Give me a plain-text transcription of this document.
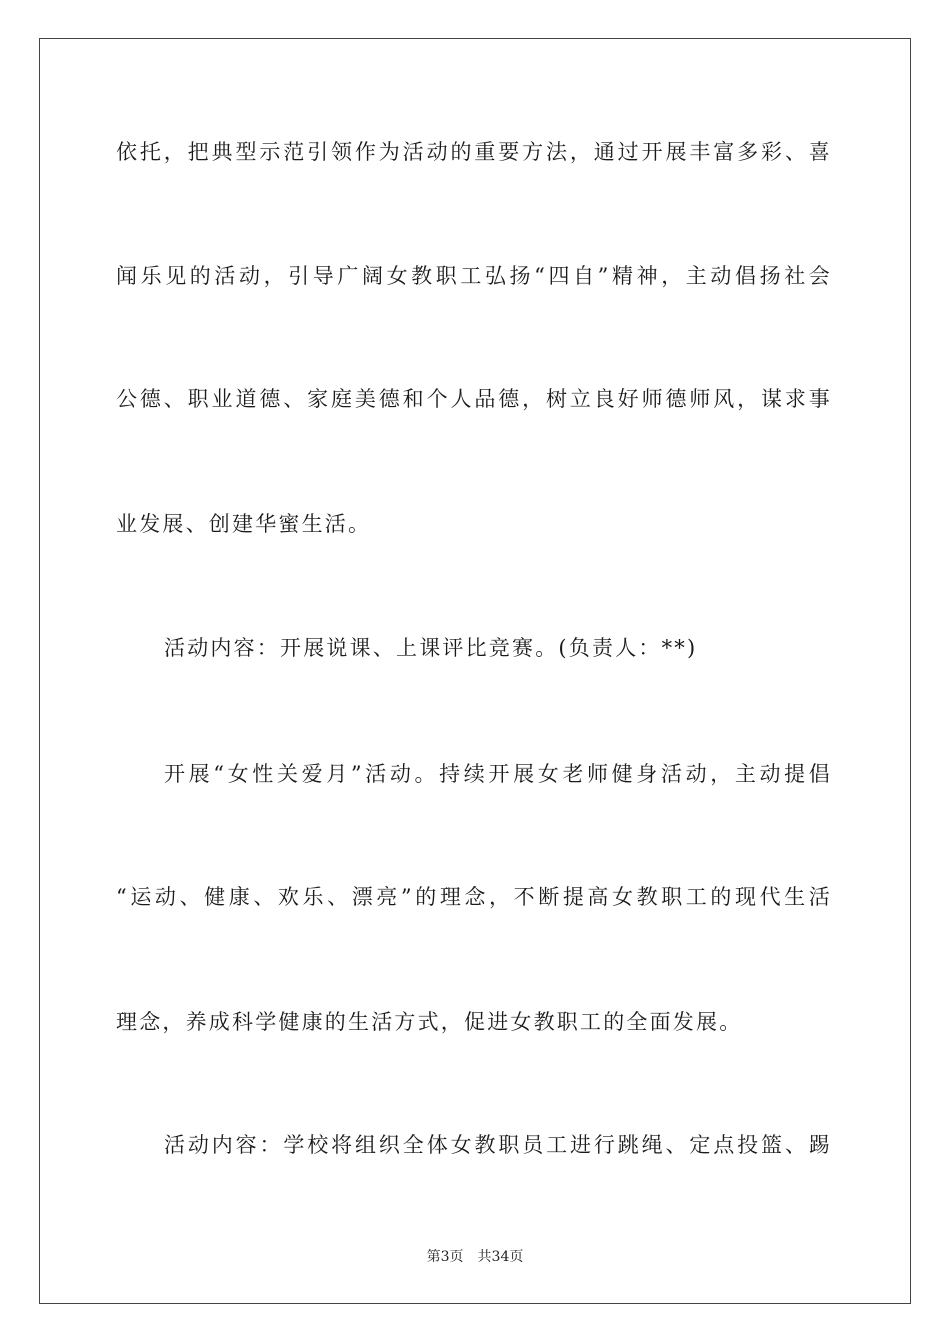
依托，把典型示范引领作为活动的重要方法，通过开展丰富多彩、喜
闻乐见的活动，引导广阔女教职工弘扬“四自”精神，主动倡扬社会
公德、职业道德、家庭美德和个人品德，树立良好师德师风，谋求事
业发展、创建华蜜生活。
活动内容：开展说课、上课评比竞赛。(负责人：**)
开展“女性关爱月”活动。持续开展女老师健身活动，主动提倡
“运动、健康、欢乐、漂亮”的理念，不断提高女教职工的现代生活
理念，养成科学健康的生活方式，促进女教职工的全面发展。
活动内容：学校将组织全体女教职员工进行跳绳、定点投篮、踢
第3页 共34页
